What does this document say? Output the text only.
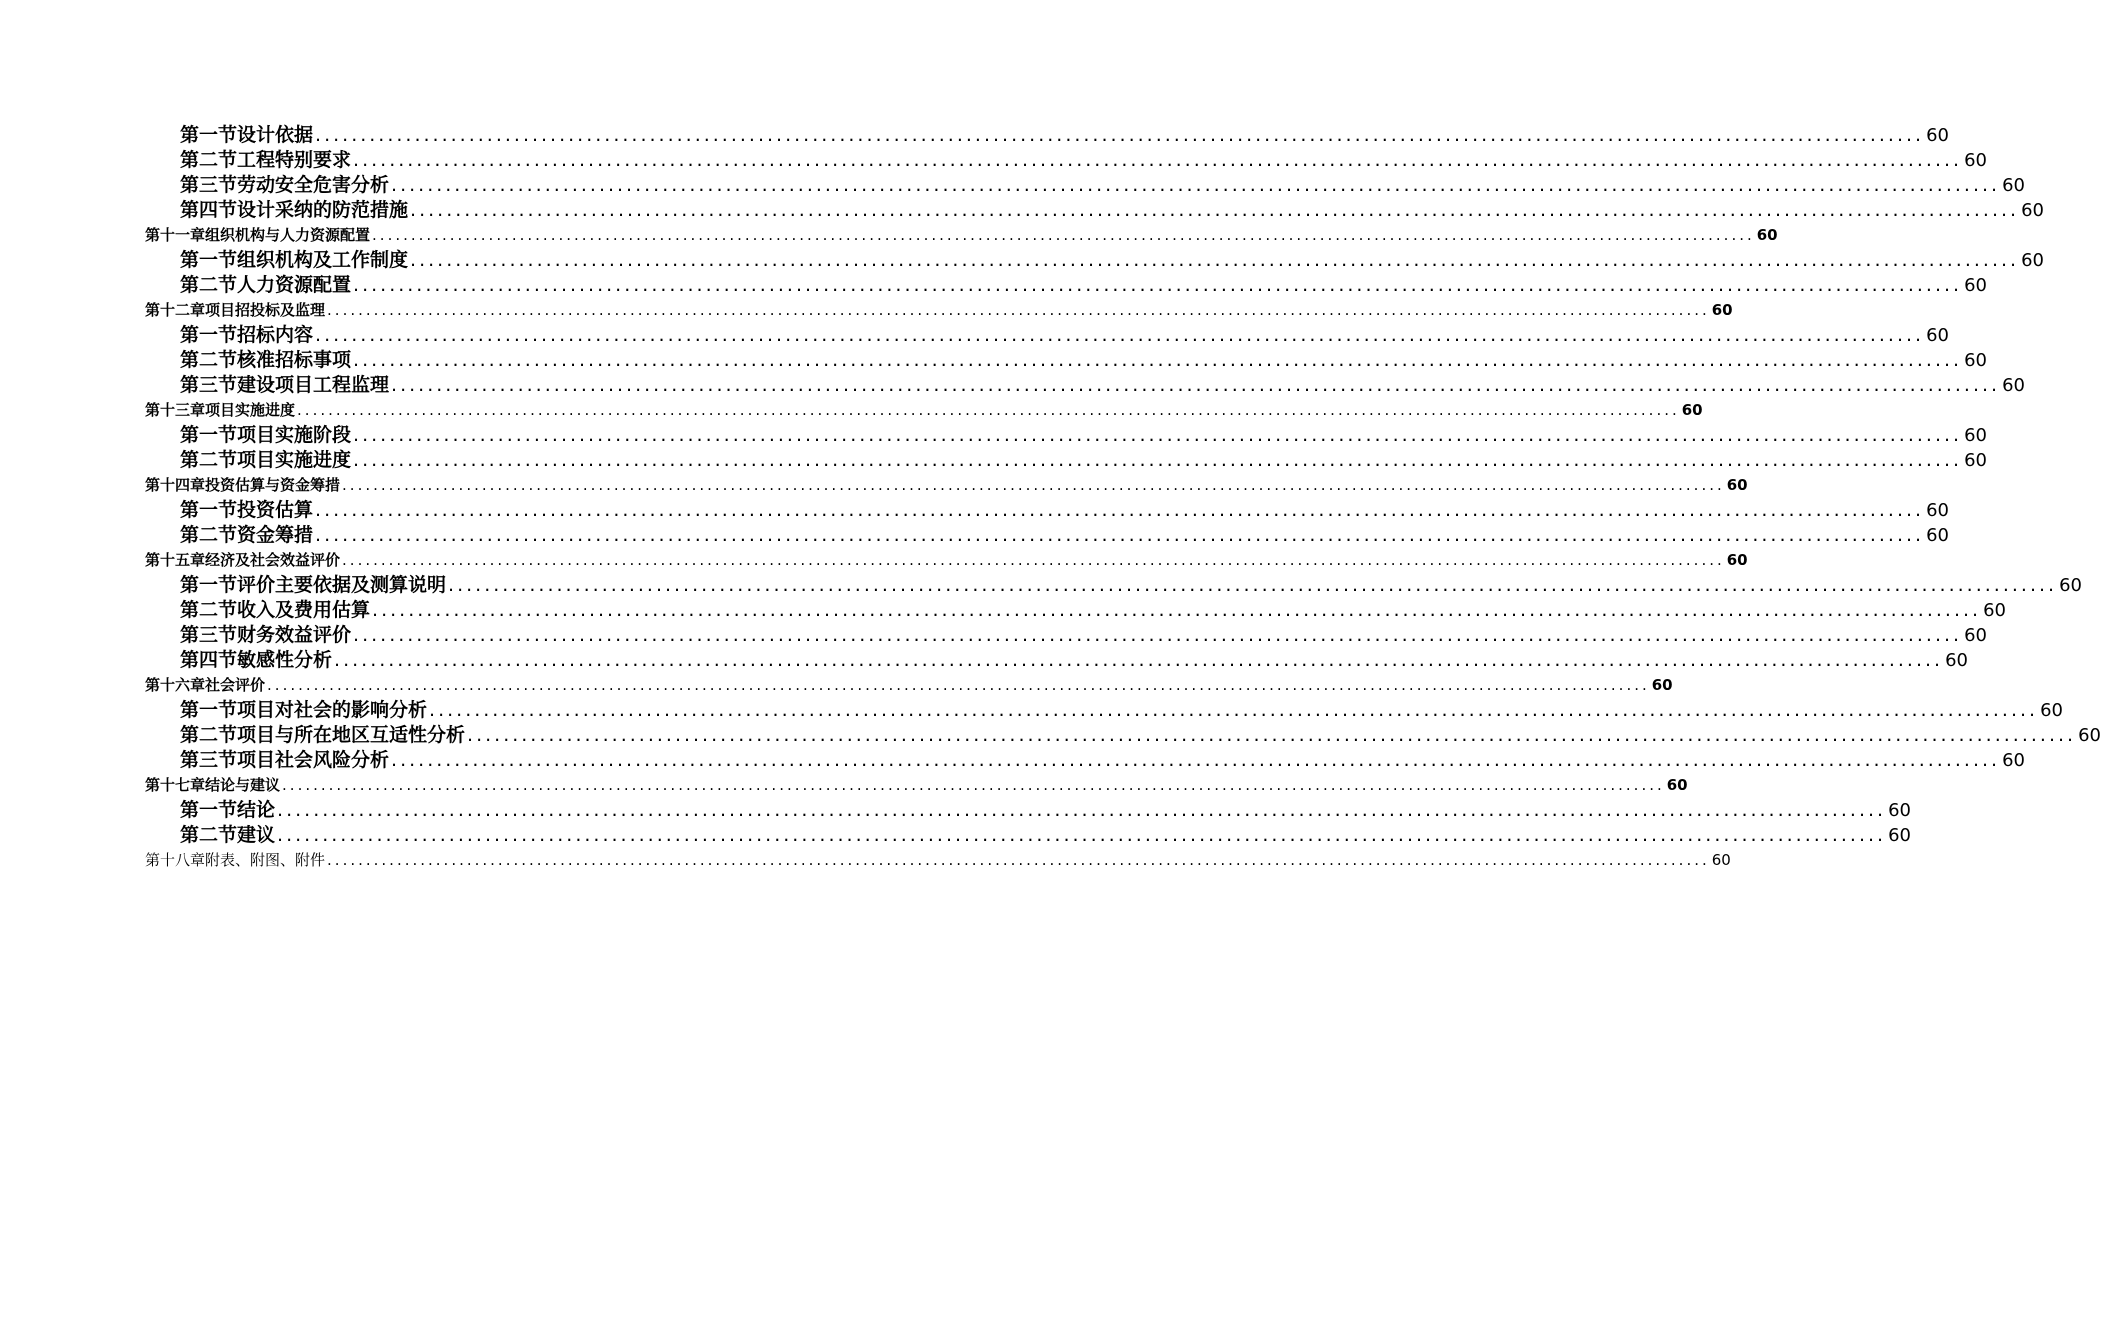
第一节 设计依据 .................................................................................................................................................................................. 60
第二节 工程特别要求 .................................................................................................................................................................................. 60
第三节 劳动安全危害分析 .................................................................................................................................................................................. 60
第四节 设计采纳的防范措施 .................................................................................................................................................................................. 60
第十一章 组织机构与人力资源配置 .................................................................................................................................................................................. 60
第一节 组织机构及工作制度 .................................................................................................................................................................................. 60
第二节 人力资源配置 .................................................................................................................................................................................. 60
第十二章 项目招投标及监理 .................................................................................................................................................................................. 60
第一节 招标内容 .................................................................................................................................................................................. 60
第二节 核准招标事项 .................................................................................................................................................................................. 60
第三节 建设项目工程监理 .................................................................................................................................................................................. 60
第十三章 项目实施进度 .................................................................................................................................................................................. 60
第一节 项目实施阶段 .................................................................................................................................................................................. 60
第二节 项目实施进度 .................................................................................................................................................................................. 60
第十四章 投资估算与资金筹措 .................................................................................................................................................................................. 60
第一节 投资估算 .................................................................................................................................................................................. 60
第二节 资金筹措 .................................................................................................................................................................................. 60
第十五章 经济及社会效益评价 .................................................................................................................................................................................. 60
第一节 评价主要依据及测算说明 .................................................................................................................................................................................. 60
第二节 收入及费用估算 .................................................................................................................................................................................. 60
第三节 财务效益评价 .................................................................................................................................................................................. 60
第四节 敏感性分析 .................................................................................................................................................................................. 60
第十六章 社会评价 .................................................................................................................................................................................. 60
第一节 项目对社会的影响分析 .................................................................................................................................................................................. 60
第二节 项目与所在地区互适性分析 .................................................................................................................................................................................. 60
第三节 项目社会风险分析 .................................................................................................................................................................................. 60
第十七章 结论与建议 .................................................................................................................................................................................. 60
第一节 结论 .................................................................................................................................................................................. 60
第二节 建议 .................................................................................................................................................................................. 60
第十八章 附表、附图、附件 .................................................................................................................................................................................. 60
